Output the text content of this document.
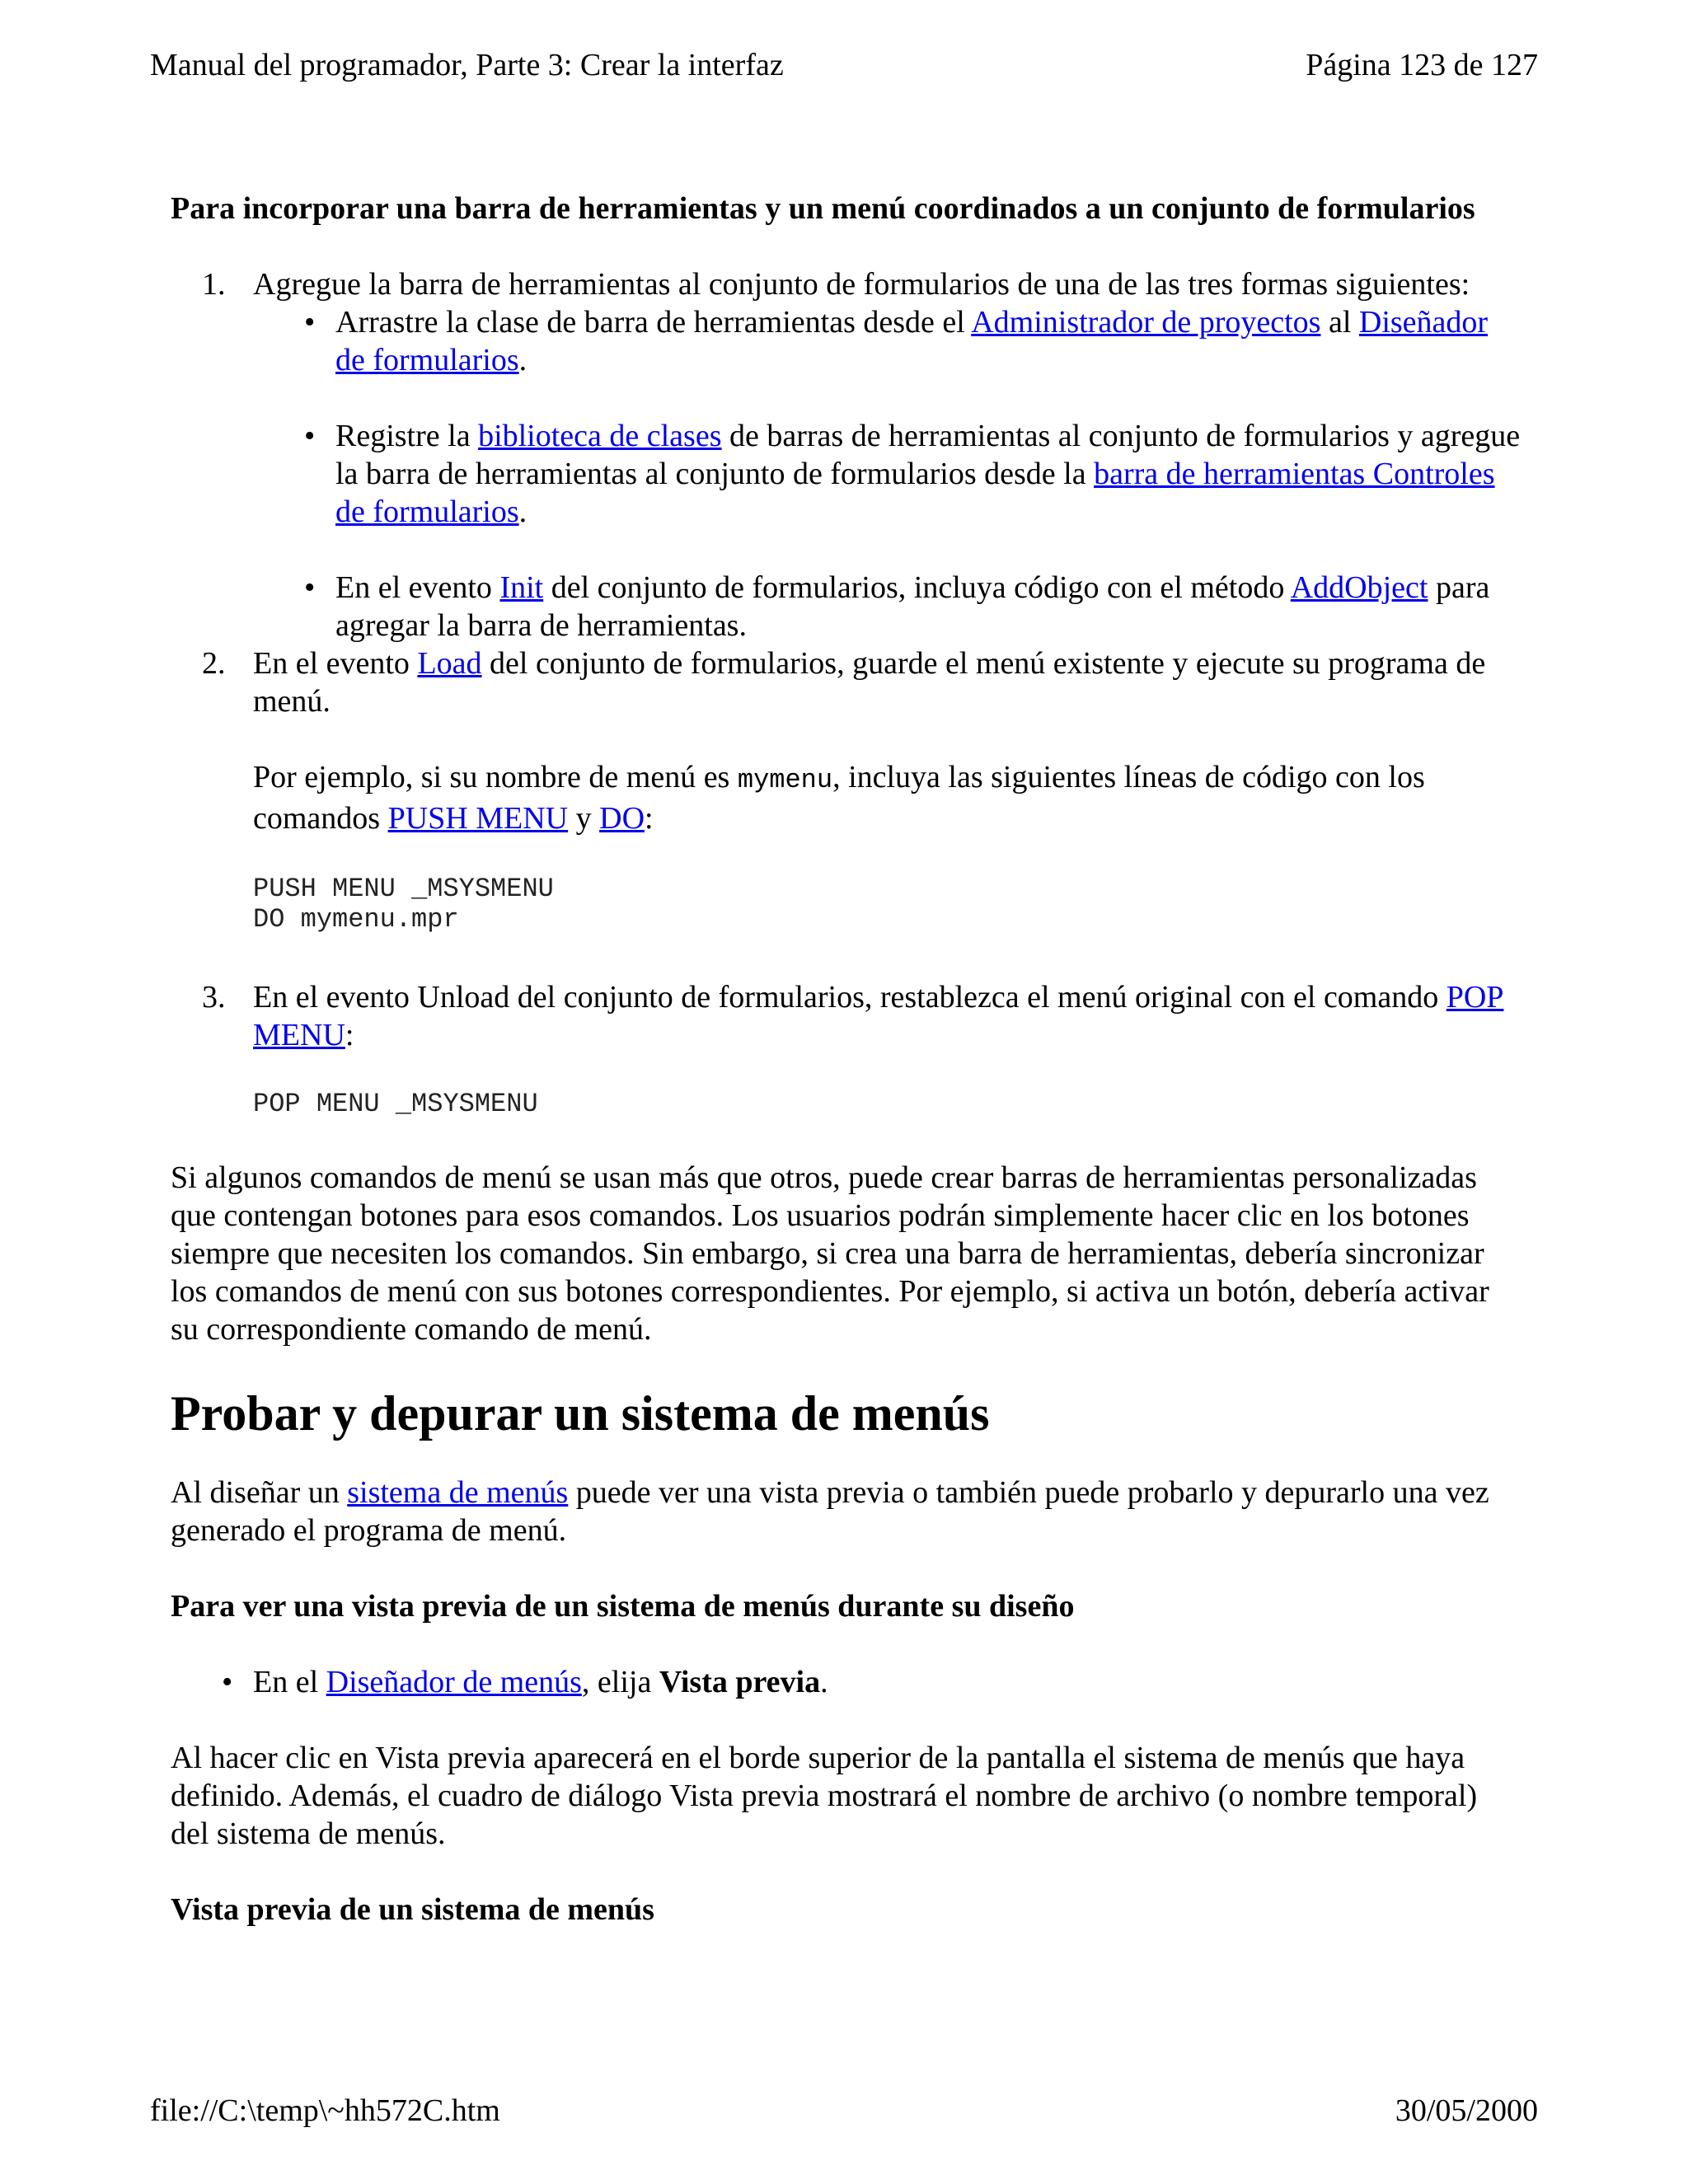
Manual del programador, Parte 3: Crear la interfaz	Página 123 de 127

Para incorporar una barra de herramientas y un menú coordinados a un conjunto de formularios

1. Agregue la barra de herramientas al conjunto de formularios de una de las tres formas siguientes:
• Arrastre la clase de barra de herramientas desde el Administrador de proyectos al Diseñador de formularios.
• Registre la biblioteca de clases de barras de herramientas al conjunto de formularios y agregue la barra de herramientas al conjunto de formularios desde la barra de herramientas Controles de formularios.
• En el evento Init del conjunto de formularios, incluya código con el método AddObject para agregar la barra de herramientas.
2. En el evento Load del conjunto de formularios, guarde el menú existente y ejecute su programa de menú.

Por ejemplo, si su nombre de menú es mymenu, incluya las siguientes líneas de código con los comandos PUSH MENU y DO:

PUSH MENU _MSYSMENU
DO mymenu.mpr
3. En el evento Unload del conjunto de formularios, restablezca el menú original con el comando POP MENU:
POP MENU _MSYSMENU

Si algunos comandos de menú se usan más que otros, puede crear barras de herramientas personalizadas que contengan botones para esos comandos. Los usuarios podrán simplemente hacer clic en los botones siempre que necesiten los comandos. Sin embargo, si crea una barra de herramientas, debería sincronizar los comandos de menú con sus botones correspondientes. Por ejemplo, si activa un botón, debería activar su correspondiente comando de menú.

Probar y depurar un sistema de menús

Al diseñar un sistema de menús puede ver una vista previa o también puede probarlo y depurarlo una vez generado el programa de menú.

Para ver una vista previa de un sistema de menús durante su diseño

• En el Diseñador de menús, elija Vista previa.

Al hacer clic en Vista previa aparecerá en el borde superior de la pantalla el sistema de menús que haya definido. Además, el cuadro de diálogo Vista previa mostrará el nombre de archivo (o nombre temporal) del sistema de menús.

Vista previa de un sistema de menús

file://C:\temp\~hh572C.htm	30/05/2000
